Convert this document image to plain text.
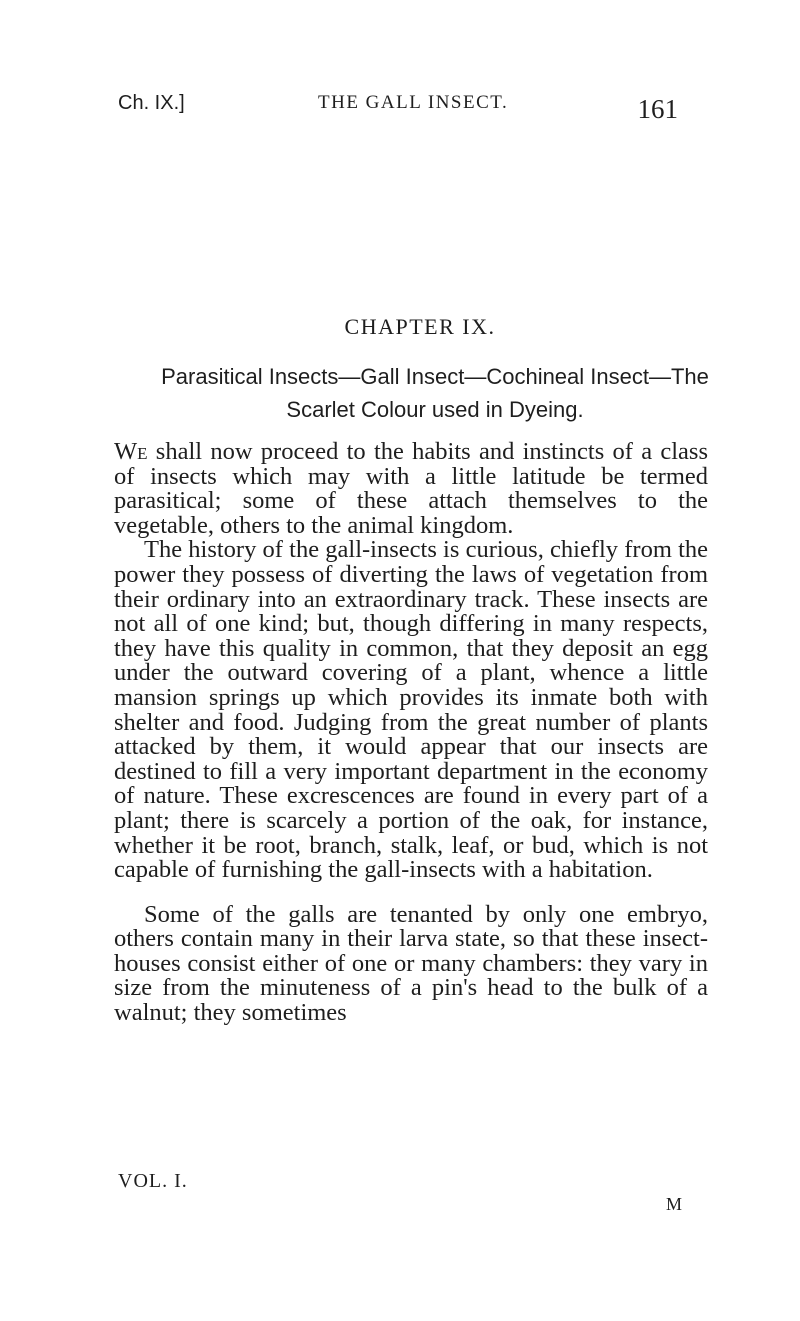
Ch. IX.]	THE GALL INSECT.	161
CHAPTER IX.
Parasitical Insects—Gall Insect—Cochineal Insect—The Scarlet Colour used in Dyeing.

We shall now proceed to the habits and instincts of a class of insects which may with a little latitude be termed parasitical; some of these attach themselves to the vegetable, others to the animal kingdom.

The history of the gall-insects is curious, chiefly from the power they possess of diverting the laws of vegetation from their ordinary into an extraordinary track. These insects are not all of one kind; but, though differing in many respects, they have this quality in common, that they deposit an egg under the outward covering of a plant, whence a little mansion springs up which provides its inmate both with shelter and food. Judging from the great number of plants attacked by them, it would appear that our insects are destined to fill a very important department in the economy of nature. These excrescences are found in every part of a plant; there is scarcely a portion of the oak, for instance, whether it be root, branch, stalk, leaf, or bud, which is not capable of furnishing the gall-insects with a habitation.

Some of the galls are tenanted by only one embryo, others contain many in their larva state, so that these insect-houses consist either of one or many chambers: they vary in size from the minuteness of a pin's head to the bulk of a walnut; they sometimes

VOL. I.
M
